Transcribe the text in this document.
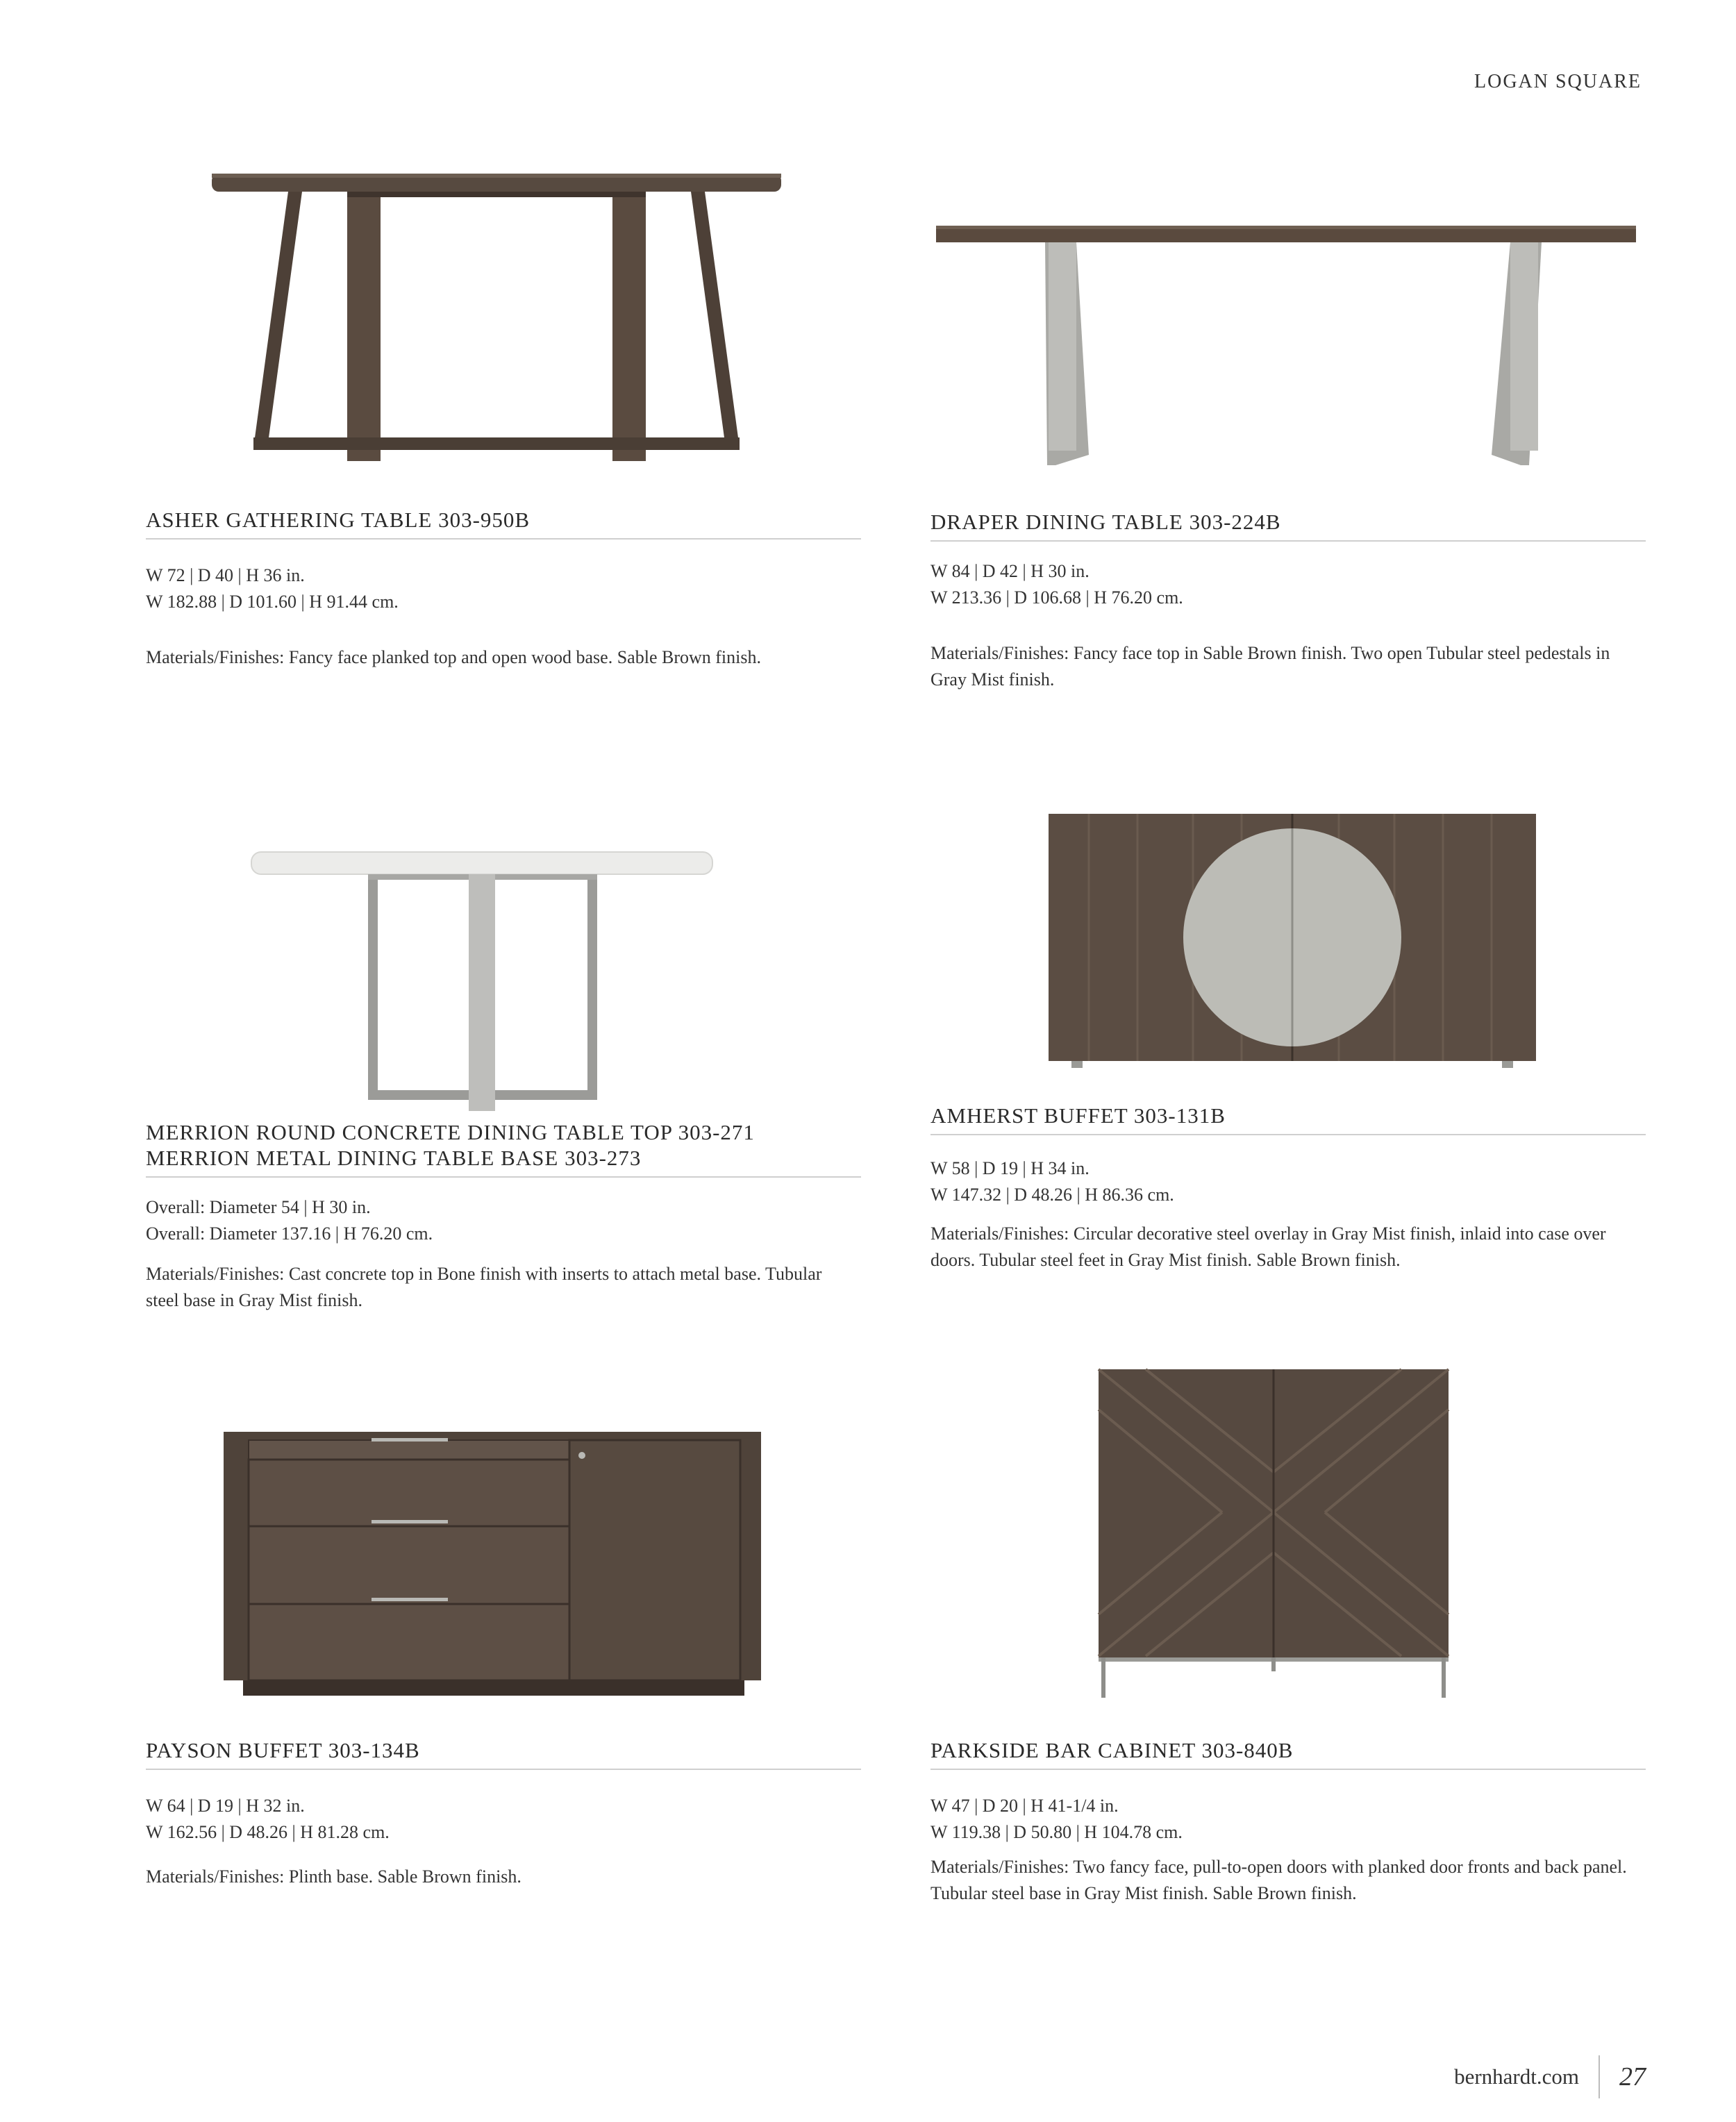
LOGAN SQUARE
ASHER GATHERING TABLE 303-950B
W 72 | D 40 | H 36 in.
W 182.88 | D 101.60 | H 91.44 cm.
Materials/Finishes: Fancy face planked top and open wood base. Sable Brown finish.
DRAPER DINING TABLE 303-224B
W 84 | D 42 | H 30 in.
W 213.36 | D 106.68 | H 76.20 cm.
Materials/Finishes: Fancy face top in Sable Brown finish. Two open Tubular steel pedestals in Gray Mist finish.
MERRION ROUND CONCRETE DINING TABLE TOP 303-271
MERRION METAL DINING TABLE BASE 303-273
Overall: Diameter 54 | H 30 in.
Overall: Diameter 137.16 | H 76.20 cm.
Materials/Finishes: Cast concrete top in Bone finish with inserts to attach metal base. Tubular steel base in Gray Mist finish.
AMHERST BUFFET 303-131B
W 58 | D 19 | H 34 in.
W 147.32 | D 48.26 | H 86.36 cm.
Materials/Finishes: Circular decorative steel overlay in Gray Mist finish, inlaid into case over doors. Tubular steel feet in Gray Mist finish. Sable Brown finish.
PAYSON BUFFET 303-134B
W 64 | D 19 | H 32 in.
W 162.56 | D 48.26 | H 81.28 cm.
Materials/Finishes: Plinth base. Sable Brown finish.
PARKSIDE BAR CABINET 303-840B
W 47 | D 20 | H 41-1/4 in.
W 119.38 | D 50.80 | H 104.78 cm.
Materials/Finishes: Two fancy face, pull-to-open doors with planked door fronts and back panel. Tubular steel base in Gray Mist finish. Sable Brown finish.
bernhardt.com 27
